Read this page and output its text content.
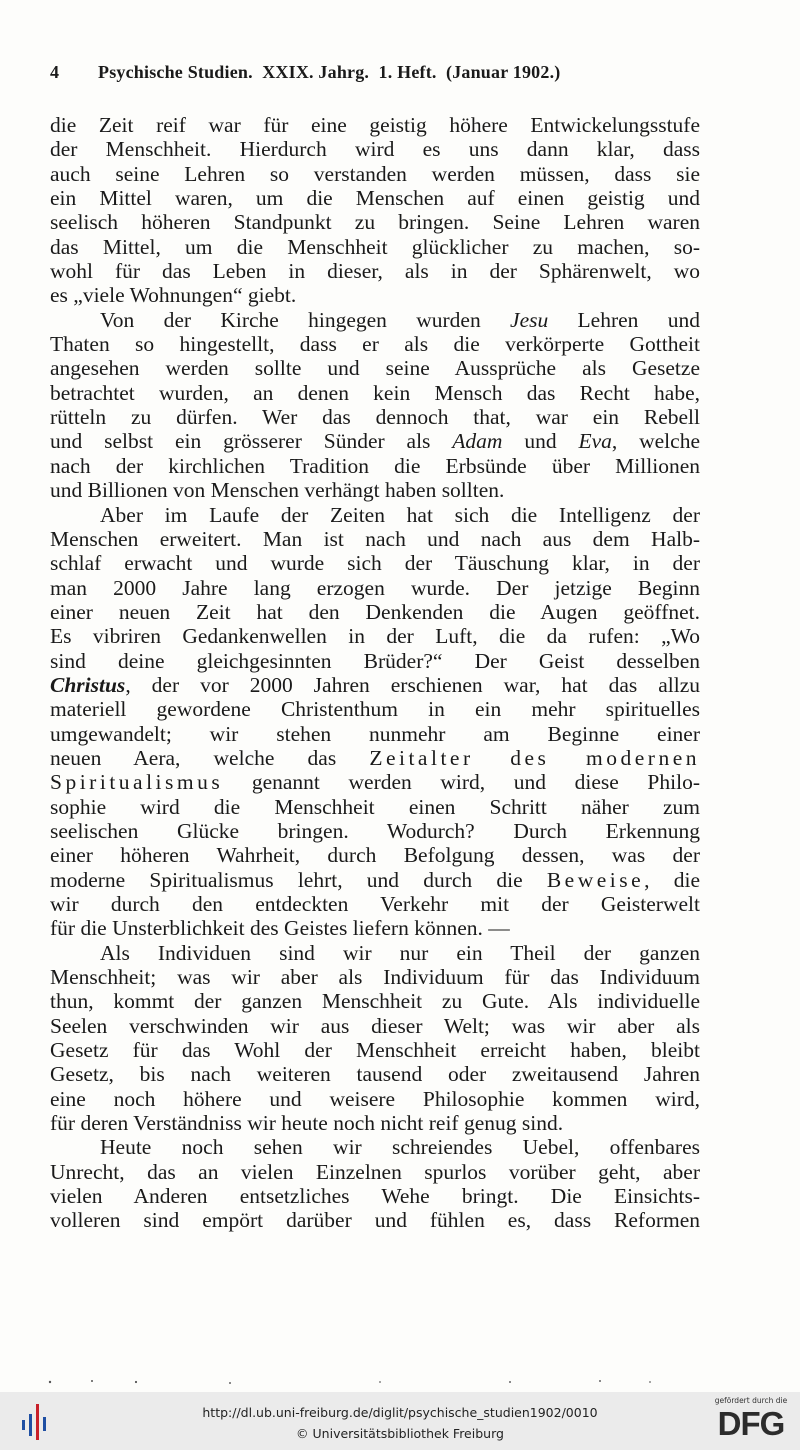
4 Psychische Studien.  XXIX. Jahrg.  1. Heft.  (Januar 1902.)
die Zeit reif war für eine geistig höhere Entwickelungsstufe
der Menschheit. Hierdurch wird es uns dann klar, dass
auch seine Lehren so verstanden werden müssen, dass sie
ein Mittel waren, um die Menschen auf einen geistig und
seelisch höheren Standpunkt zu bringen. Seine Lehren waren
das Mittel, um die Menschheit glücklicher zu machen, so-
wohl für das Leben in dieser, als in der Sphärenwelt, wo
es „viele Wohnungen“ giebt.
Von der Kirche hingegen wurden Jesu Lehren und
Thaten so hingestellt, dass er als die verkörperte Gottheit
angesehen werden sollte und seine Aussprüche als Gesetze
betrachtet wurden, an denen kein Mensch das Recht habe,
rütteln zu dürfen. Wer das dennoch that, war ein Rebell
und selbst ein grösserer Sünder als Adam und Eva, welche
nach der kirchlichen Tradition die Erbsünde über Millionen
und Billionen von Menschen verhängt haben sollten.
Aber im Laufe der Zeiten hat sich die Intelligenz der
Menschen erweitert. Man ist nach und nach aus dem Halb-
schlaf erwacht und wurde sich der Täuschung klar, in der
man 2000 Jahre lang erzogen wurde. Der jetzige Beginn
einer neuen Zeit hat den Denkenden die Augen geöffnet.
Es vibriren Gedankenwellen in der Luft, die da rufen: „Wo
sind deine gleichgesinnten Brüder?“ Der Geist desselben
Christus, der vor 2000 Jahren erschienen war, hat das allzu
materiell gewordene Christenthum in ein mehr spirituelles
umgewandelt; wir stehen nunmehr am Beginne einer
neuen Aera, welche das Zeitalter des modernen
Spiritualismus genannt werden wird, und diese Philo-
sophie wird die Menschheit einen Schritt näher zum
seelischen Glücke bringen. Wodurch? Durch Erkennung
einer höheren Wahrheit, durch Befolgung dessen, was der
moderne Spiritualismus lehrt, und durch die Beweise, die
wir durch den entdeckten Verkehr mit der Geisterwelt
für die Unsterblichkeit des Geistes liefern können. —
Als Individuen sind wir nur ein Theil der ganzen
Menschheit; was wir aber als Individuum für das Individuum
thun, kommt der ganzen Menschheit zu Gute. Als individuelle
Seelen verschwinden wir aus dieser Welt; was wir aber als
Gesetz für das Wohl der Menschheit erreicht haben, bleibt
Gesetz, bis nach weiteren tausend oder zweitausend Jahren
eine noch höhere und weisere Philosophie kommen wird,
für deren Verständniss wir heute noch nicht reif genug sind.
Heute noch sehen wir schreiendes Uebel, offenbares
Unrecht, das an vielen Einzelnen spurlos vorüber geht, aber
vielen Anderen entsetzliches Wehe bringt. Die Einsichts-
volleren sind empört darüber und fühlen es, dass Reformen
http://dl.ub.uni-freiburg.de/diglit/psychische_studien1902/0010
© Universitätsbibliothek Freiburg
gefördert durch die
DFG
